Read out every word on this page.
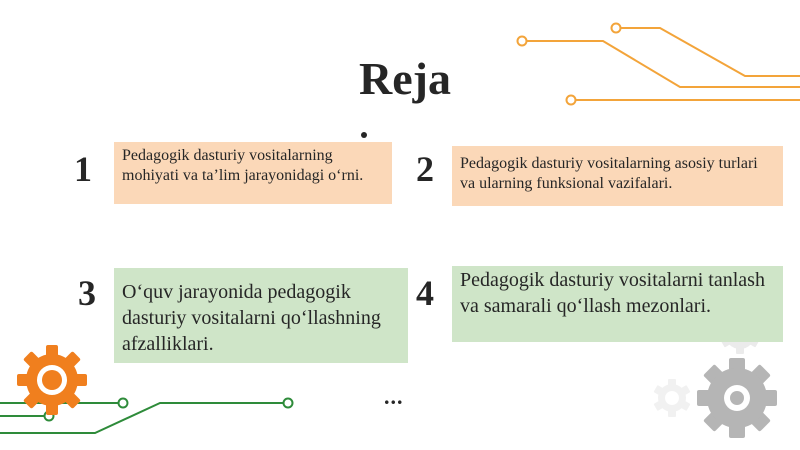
Reja
1	Pedagogik dasturiy vositalarning mohiyati va ta’lim jarayonidagi o‘rni.	2	Pedagogik dasturiy vositalarning asosiy turlari va ularning funksional vazifalari.
3	O‘quv jarayonida pedagogik dasturiy vositalarni qo‘llashning afzalliklari.
4	Pedagogik dasturiy vositalarni tanlash va samarali qo‘llash mezonlari.
...
